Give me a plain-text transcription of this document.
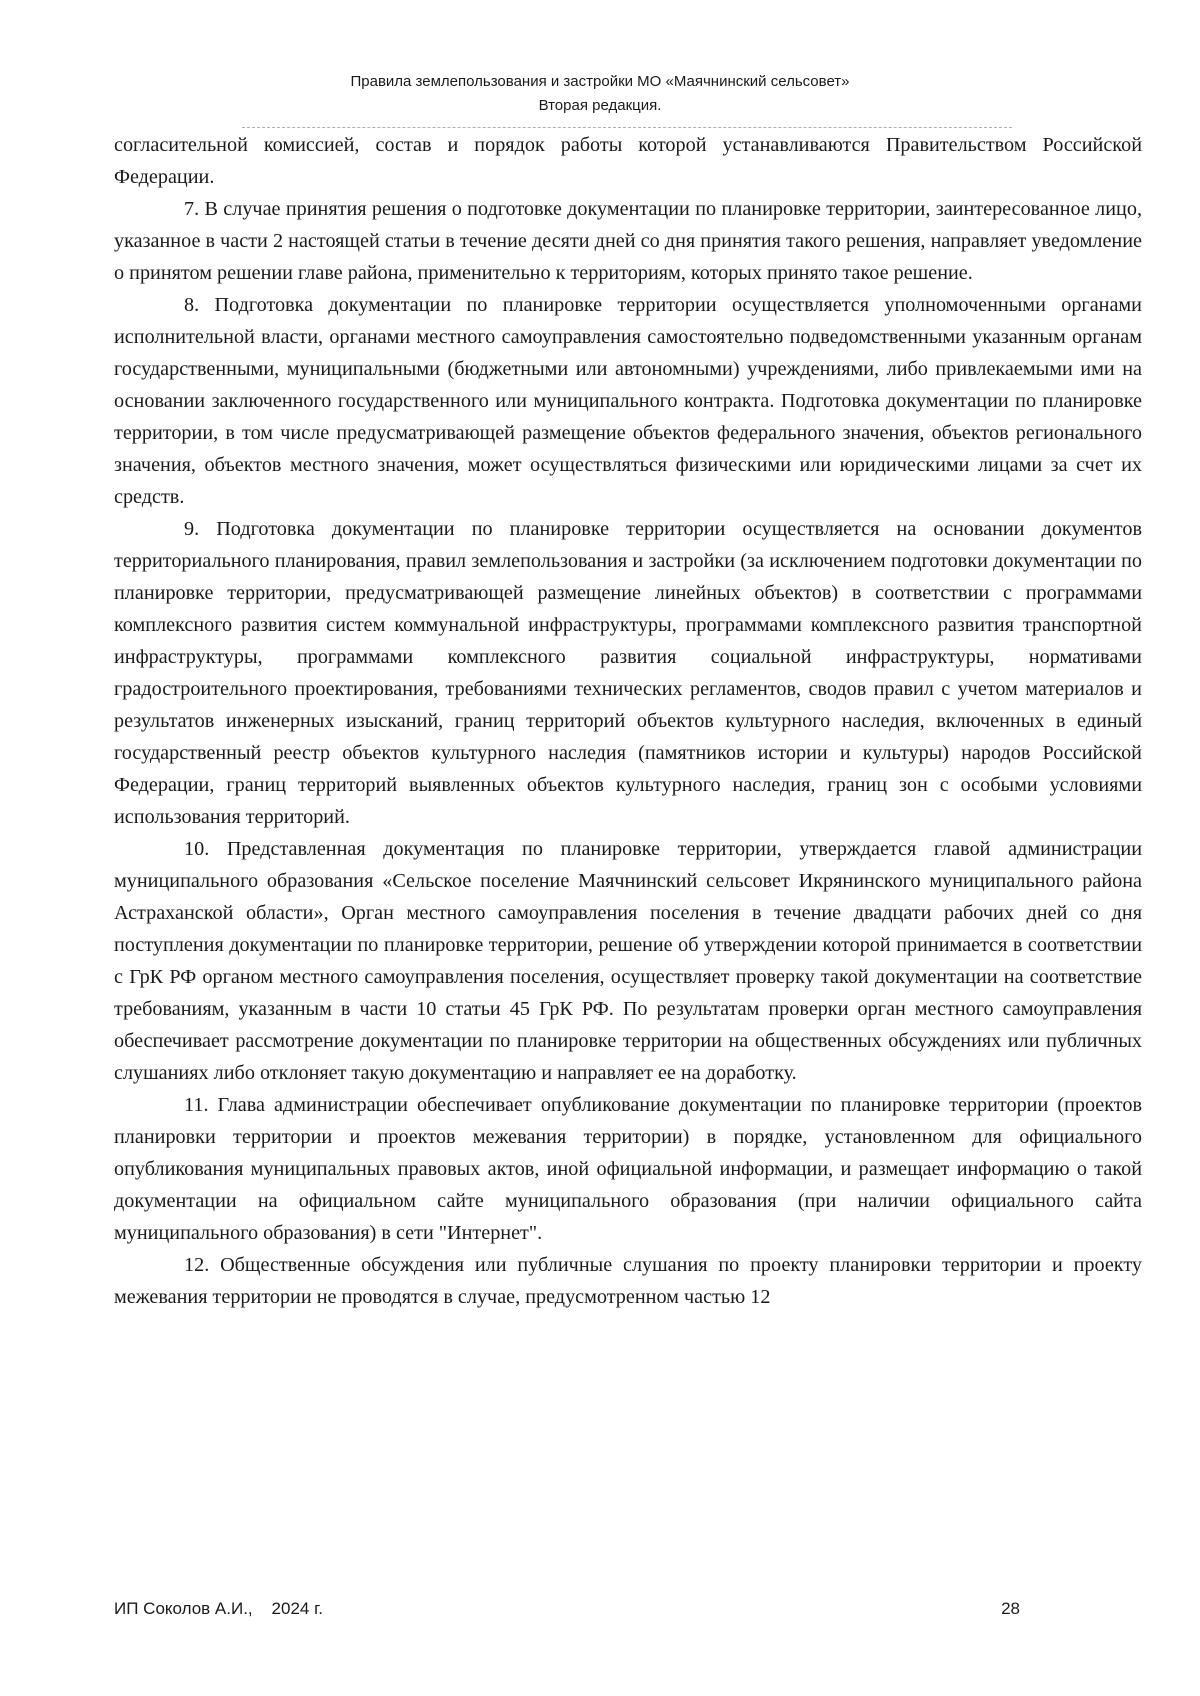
Правила землепользования и застройки МО «Маячнинский сельсовет»
Вторая редакция.

согласительной комиссией, состав и порядок работы которой устанавливаются Правительством Российской Федерации.

7. В случае принятия решения о подготовке документации по планировке территории, заинтересованное лицо, указанное в части 2 настоящей статьи в течение десяти дней со дня принятия такого решения, направляет уведомление о принятом решении главе района, применительно к территориям, которых принято такое решение.

8. Подготовка документации по планировке территории осуществляется уполномоченными органами исполнительной власти, органами местного самоуправления самостоятельно подведомственными указанным органам государственными, муниципальными (бюджетными или автономными) учреждениями, либо привлекаемыми ими на основании заключенного государственного или муниципального контракта. Подготовка документации по планировке территории, в том числе предусматривающей размещение объектов федерального значения, объектов регионального значения, объектов местного значения, может осуществляться физическими или юридическими лицами за счет их средств.

9. Подготовка документации по планировке территории осуществляется на основании документов территориального планирования, правил землепользования и застройки (за исключением подготовки документации по планировке территории, предусматривающей размещение линейных объектов) в соответствии с программами комплексного развития систем коммунальной инфраструктуры, программами комплексного развития транспортной инфраструктуры, программами комплексного развития социальной инфраструктуры, нормативами градостроительного проектирования, требованиями технических регламентов, сводов правил с учетом материалов и результатов инженерных изысканий, границ территорий объектов культурного наследия, включенных в единый государственный реестр объектов культурного наследия (памятников истории и культуры) народов Российской Федерации, границ территорий выявленных объектов культурного наследия, границ зон с особыми условиями использования территорий.

10. Представленная документация по планировке территории, утверждается главой администрации муниципального образования «Сельское поселение Маячнинский сельсовет Икрянинского муниципального района Астраханской области», Орган местного самоуправления поселения в течение двадцати рабочих дней со дня поступления документации по планировке территории, решение об утверждении которой принимается в соответствии с ГрК РФ органом местного самоуправления поселения, осуществляет проверку такой документации на соответствие требованиям, указанным в части 10 статьи 45 ГрК РФ. По результатам проверки орган местного самоуправления обеспечивает рассмотрение документации по планировке территории на общественных обсуждениях или публичных слушаниях либо отклоняет такую документацию и направляет ее на доработку.

11. Глава администрации обеспечивает опубликование документации по планировке территории (проектов планировки территории и проектов межевания территории) в порядке, установленном для официального опубликования муниципальных правовых актов, иной официальной информации, и размещает информацию о такой документации на официальном сайте муниципального образования (при наличии официального сайта муниципального образования) в сети "Интернет".

12. Общественные обсуждения или публичные слушания по проекту планировки территории и проекту межевания территории не проводятся в случае, предусмотренном частью 12

ИП Соколов А.И.,    2024 г.	28
